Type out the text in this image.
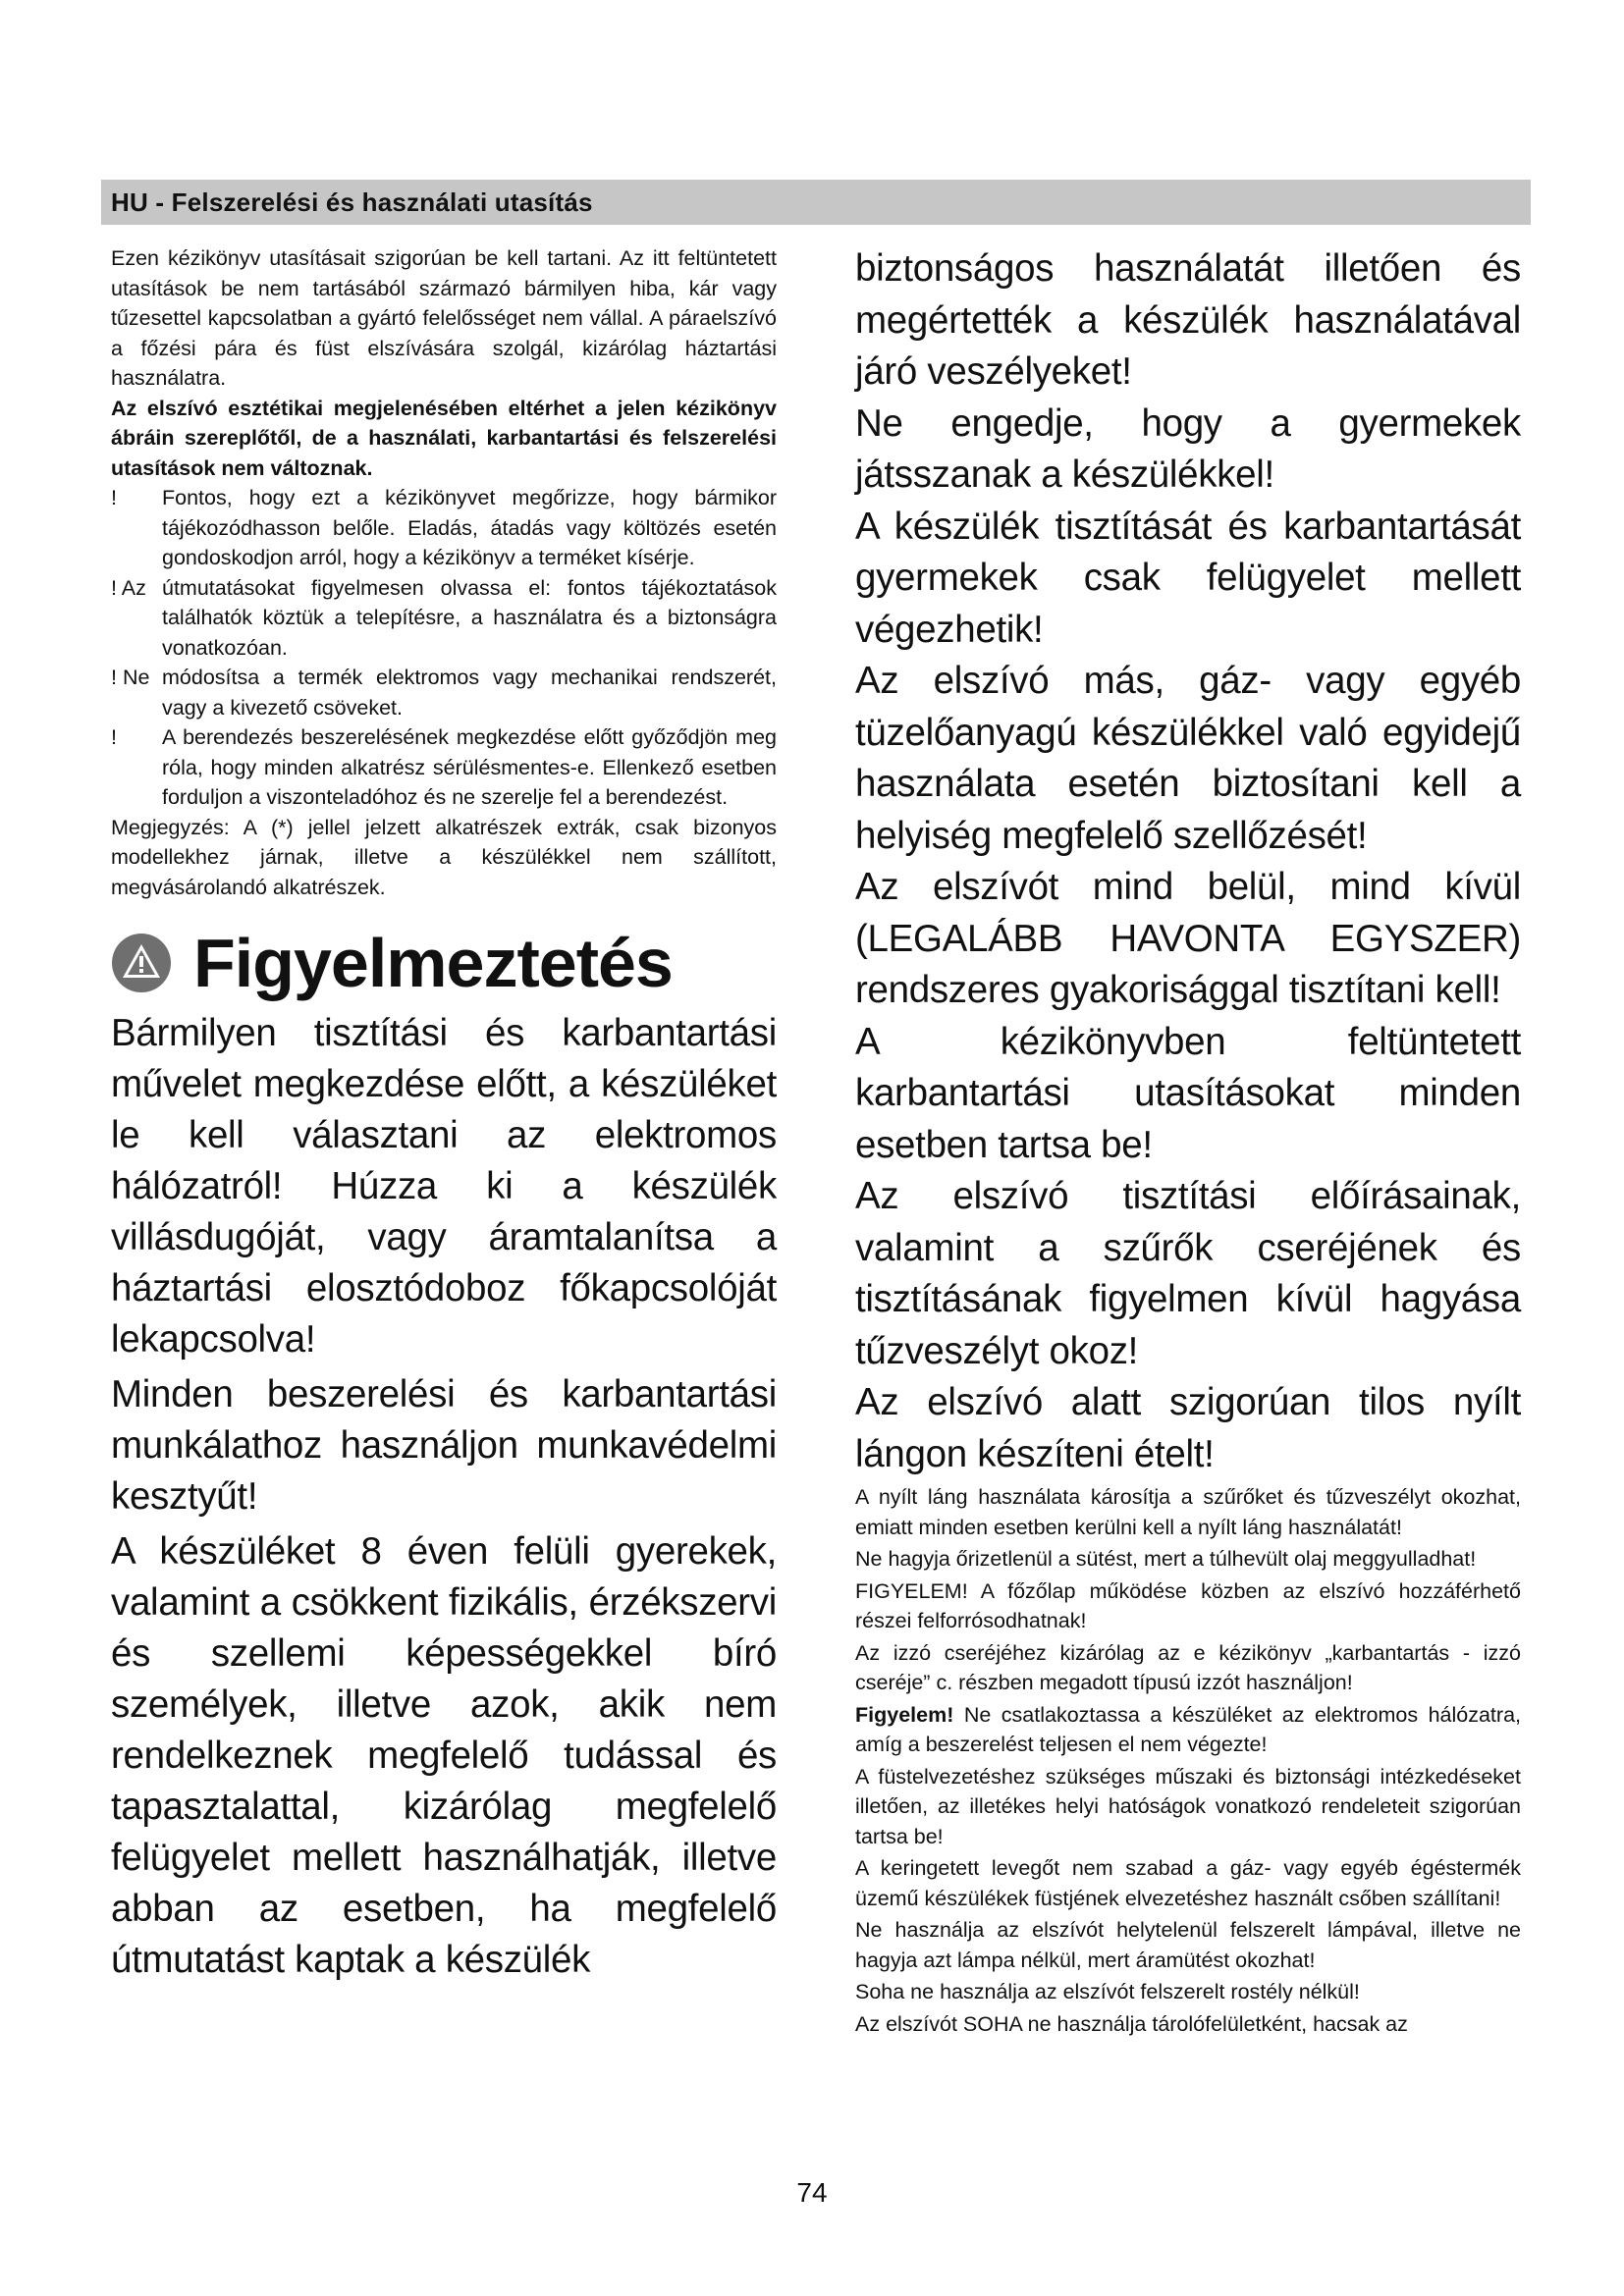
HU - Felszerelési és használati utasítás

Ezen kézikönyv utasításait szigorúan be kell tartani. Az itt feltüntetett utasítások be nem tartásából származó bármilyen hiba, kár vagy tűzesettel kapcsolatban a gyártó felelősséget nem vállal. A páraelszívó a főzési pára és füst elszívására szolgál, kizárólag háztartási használatra.

Az elszívó esztétikai megjelenésében eltérhet a jelen kézikönyv ábráin szereplőtől, de a használati, karbantartási és felszerelési utasítások nem változnak.

!	Fontos, hogy ezt a kézikönyvet megőrizze, hogy bármikor tájékozódhasson belőle. Eladás, átadás vagy költözés esetén gondoskodjon arról, hogy a kézikönyv a terméket kísérje.

! Az útmutatásokat figyelmesen olvassa el: fontos tájékoztatások találhatók köztük a telepítésre, a használatra és a biztonságra vonatkozóan.

! Ne módosítsa a termék elektromos vagy mechanikai rendszerét, vagy a kivezető csöveket.

!	A berendezés beszerelésének megkezdése előtt győződjön meg róla, hogy minden alkatrész sérülésmentes-e. Ellenkező esetben forduljon a viszonteladóhoz és ne szerelje fel a berendezést.

Megjegyzés: A (*) jellel jelzett alkatrészek extrák, csak bizonyos modellekhez járnak, illetve a készülékkel nem szállított, megvásárolandó alkatrészek.

Figyelmeztetés

Bármilyen tisztítási és karbantartási művelet megkezdése előtt, a készüléket le kell választani az elektromos hálózatról! Húzza ki a készülék villásdugóját, vagy áramtalanítsa a háztartási elosztódoboz főkapcsolóját lekapcsolva!

Minden beszerelési és karbantartási munkálathoz használjon munkavédelmi kesztyűt!

A készüléket 8 éven felüli gyerekek, valamint a csökkent fizikális, érzékszervi és szellemi képességekkel bíró személyek, illetve azok, akik nem rendelkeznek megfelelő tudással és tapasztalattal, kizárólag megfelelő felügyelet mellett használhatják, illetve abban az esetben, ha megfelelő útmutatást kaptak a készülék

biztonságos használatát illetően és megértették a készülék használatával járó veszélyeket!

Ne engedje, hogy a gyermekek játsszanak a készülékkel!

A készülék tisztítását és karbantartását gyermekek csak felügyelet mellett végezhetik!

Az elszívó más, gáz- vagy egyéb tüzelőanyagú készülékkel való egyidejű használata esetén biztosítani kell a helyiség megfelelő szellőzését!

Az elszívót mind belül, mind kívül (LEGALÁBB HAVONTA EGYSZER) rendszeres gyakorisággal tisztítani kell!

A kézikönyvben feltüntetett karbantartási utasításokat minden esetben tartsa be!

Az elszívó tisztítási előírásainak, valamint a szűrők cseréjének és tisztításának figyelmen kívül hagyása tűzveszélyt okoz!

Az elszívó alatt szigorúan tilos nyílt lángon készíteni ételt!

A nyílt láng használata károsítja a szűrőket és tűzveszélyt okozhat, emiatt minden esetben kerülni kell a nyílt láng használatát!

Ne hagyja őrizetlenül a sütést, mert a túlhevült olaj meggyulladhat!

FIGYELEM! A főzőlap működése közben az elszívó hozzáférhető részei felforrósodhatnak!

Az izzó cseréjéhez kizárólag az e kézikönyv „karbantartás - izzó cseréje” c. részben megadott típusú izzót használjon!

Figyelem! Ne csatlakoztassa a készüléket az elektromos hálózatra, amíg a beszerelést teljesen el nem végezte!

A füstelvezetéshez szükséges műszaki és biztonsági intézkedéseket illetően, az illetékes helyi hatóságok vonatkozó rendeleteit szigorúan tartsa be!

A keringetett levegőt nem szabad a gáz- vagy egyéb égéstermék üzemű készülékek füstjének elvezetéshez használt csőben szállítani!

Ne használja az elszívót helytelenül felszerelt lámpával, illetve ne hagyja azt lámpa nélkül, mert áramütést okozhat!

Soha ne használja az elszívót felszerelt rostély nélkül!

Az elszívót SOHA ne használja tárolófelületként, hacsak az

74
